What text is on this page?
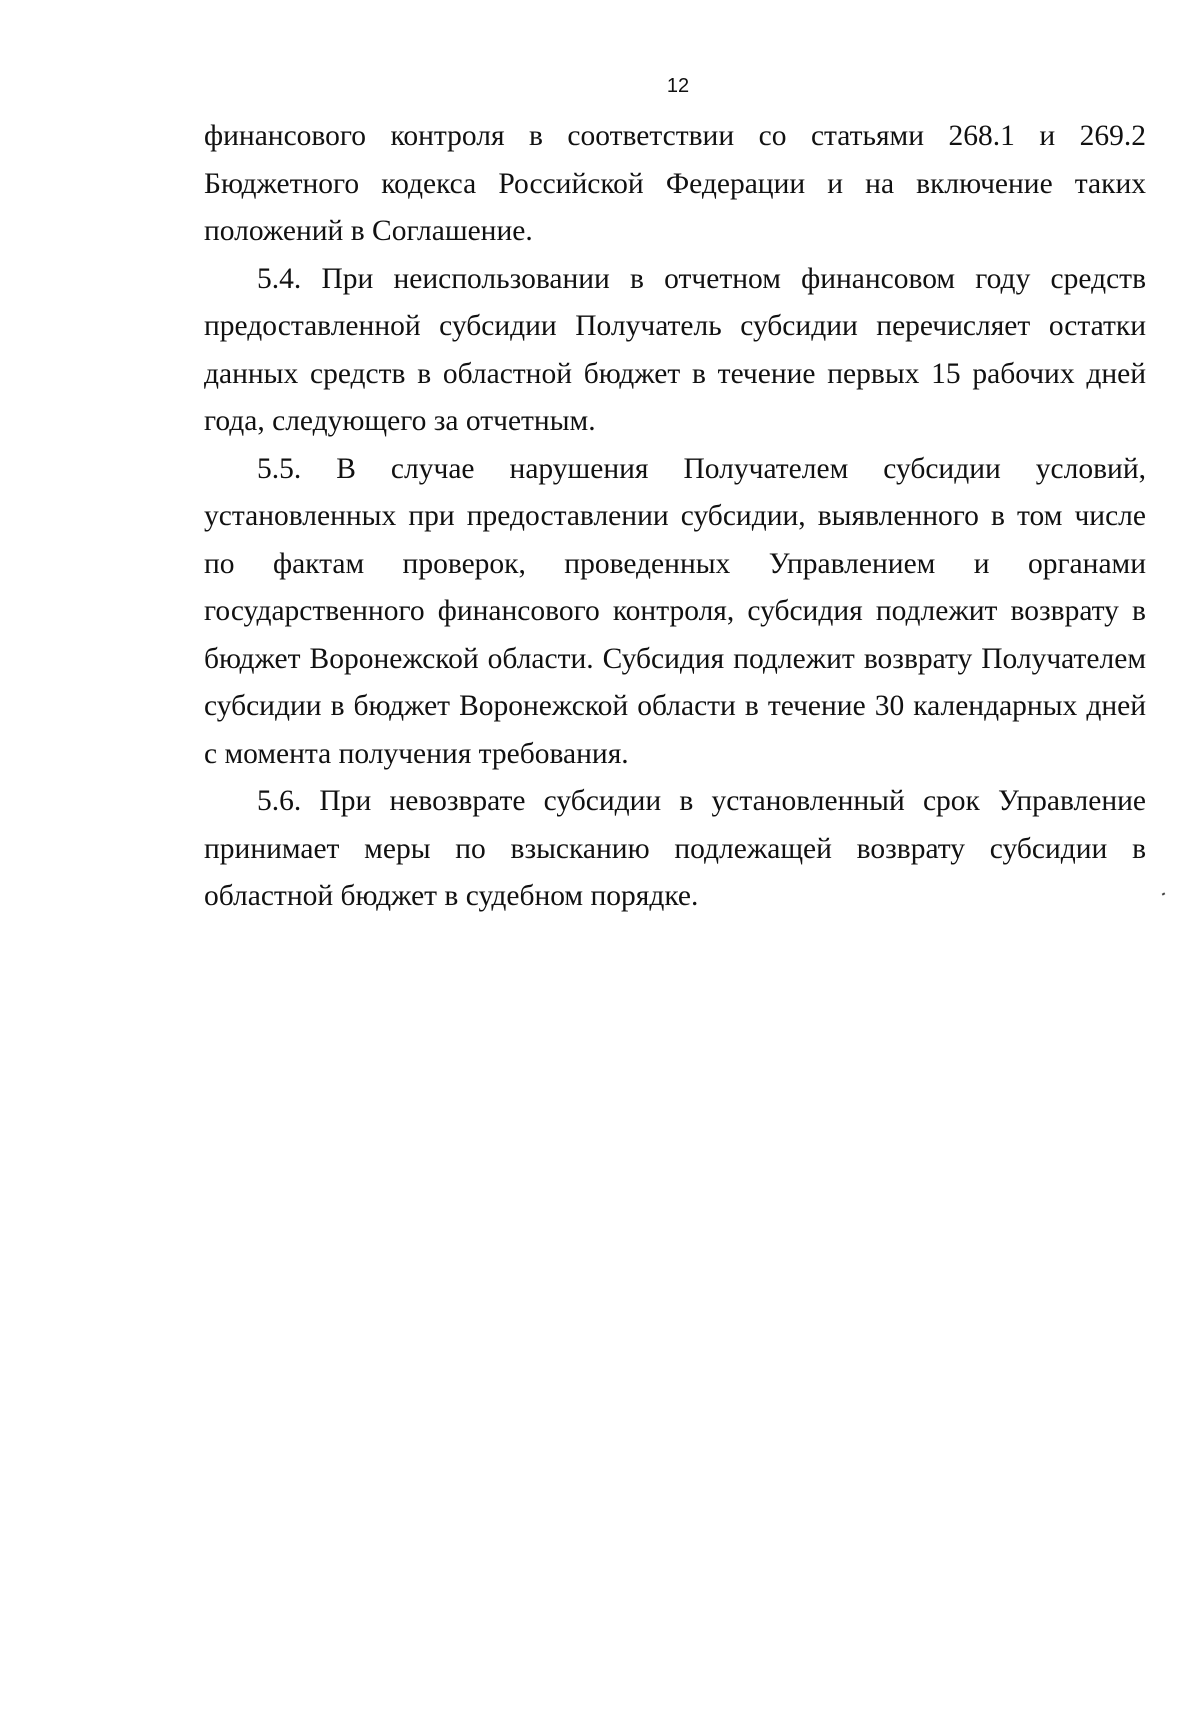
12

финансового контроля в соответствии со статьями 268.1 и 269.2 Бюджетного кодекса Российской Федерации и на включение таких положений в Соглашение.

5.4. При неиспользовании в отчетном финансовом году средств предоставленной субсидии Получатель субсидии перечисляет остатки данных средств в областной бюджет в течение первых 15 рабочих дней года, следующего за отчетным.

5.5. В случае нарушения Получателем субсидии условий, установленных при предоставлении субсидии, выявленного в том числе по фактам проверок, проведенных Управлением и органами государственного финансового контроля, субсидия подлежит возврату в бюджет Воронежской области. Субсидия подлежит возврату Получателем субсидии в бюджет Воронежской области в течение 30 календарных дней с момента получения требования.

5.6. При невозврате субсидии в установленный срок Управление принимает меры по взысканию подлежащей возврату субсидии в областной бюджет в судебном порядке.
